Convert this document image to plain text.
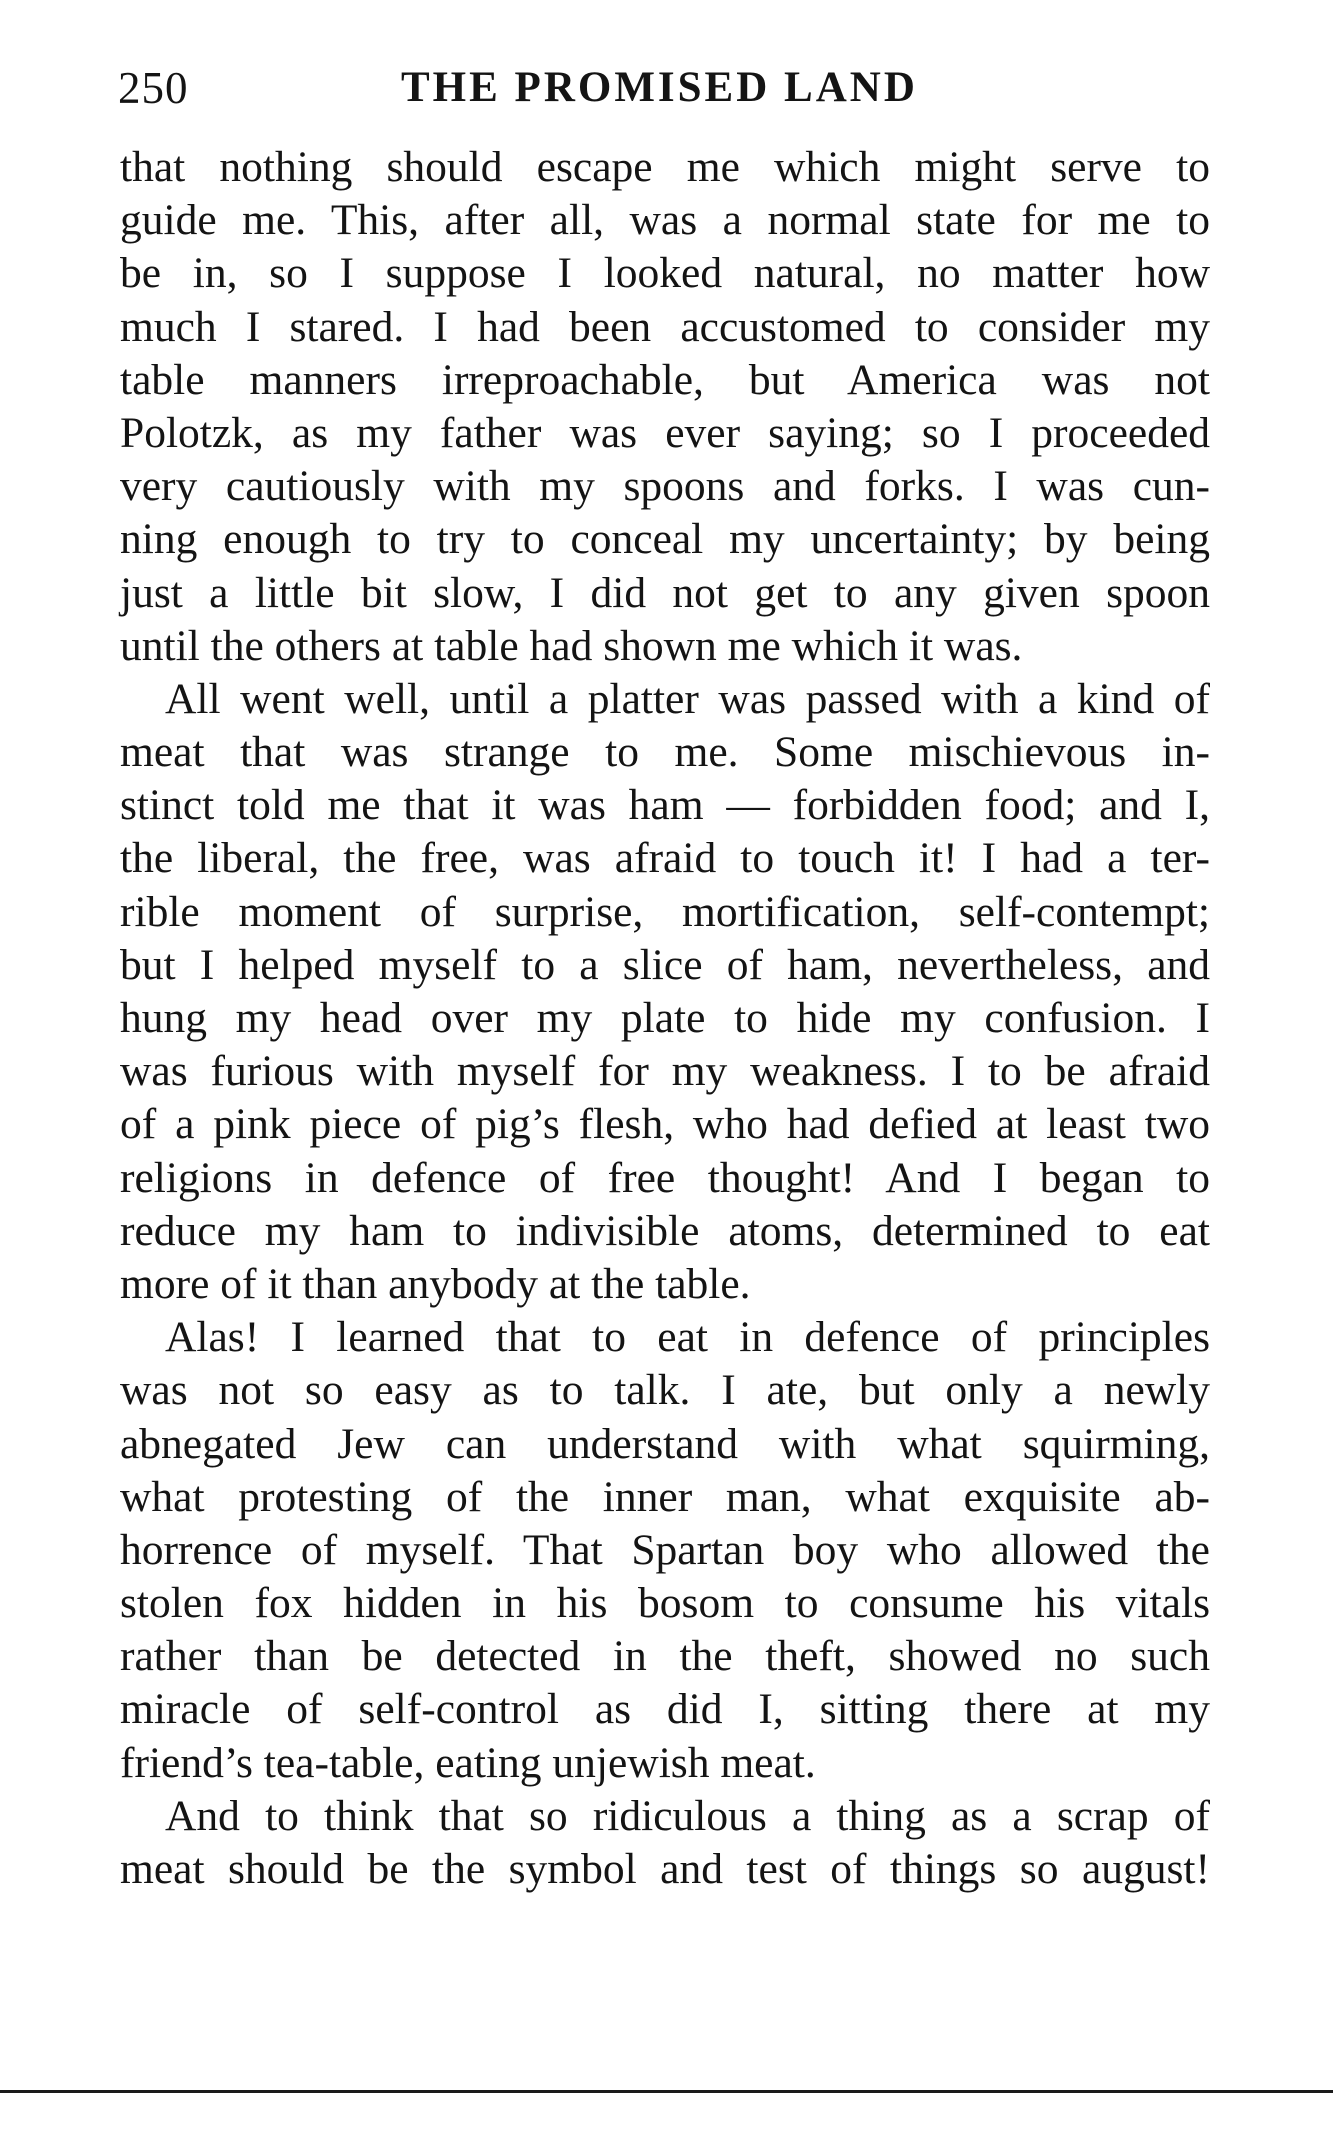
250	THE PROMISED LAND
that nothing should escape me which might serve to
guide me. This, after all, was a normal state for me to
be in, so I suppose I looked natural, no matter how
much I stared. I had been accustomed to consider my
table manners irreproachable, but America was not
Polotzk, as my father was ever saying; so I proceeded
very cautiously with my spoons and forks. I was cun-
ning enough to try to conceal my uncertainty; by being
just a little bit slow, I did not get to any given spoon
until the others at table had shown me which it was.
All went well, until a platter was passed with a kind of
meat that was strange to me. Some mischievous in-
stinct told me that it was ham — forbidden food; and I,
the liberal, the free, was afraid to touch it! I had a ter-
rible moment of surprise, mortification, self-contempt;
but I helped myself to a slice of ham, nevertheless, and
hung my head over my plate to hide my confusion. I
was furious with myself for my weakness. I to be afraid
of a pink piece of pig’s flesh, who had defied at least two
religions in defence of free thought! And I began to
reduce my ham to indivisible atoms, determined to eat
more of it than anybody at the table.
Alas! I learned that to eat in defence of principles
was not so easy as to talk. I ate, but only a newly
abnegated Jew can understand with what squirming,
what protesting of the inner man, what exquisite ab-
horrence of myself. That Spartan boy who allowed the
stolen fox hidden in his bosom to consume his vitals
rather than be detected in the theft, showed no such
miracle of self-control as did I, sitting there at my
friend’s tea-table, eating unjewish meat.
And to think that so ridiculous a thing as a scrap of
meat should be the symbol and test of things so august!
